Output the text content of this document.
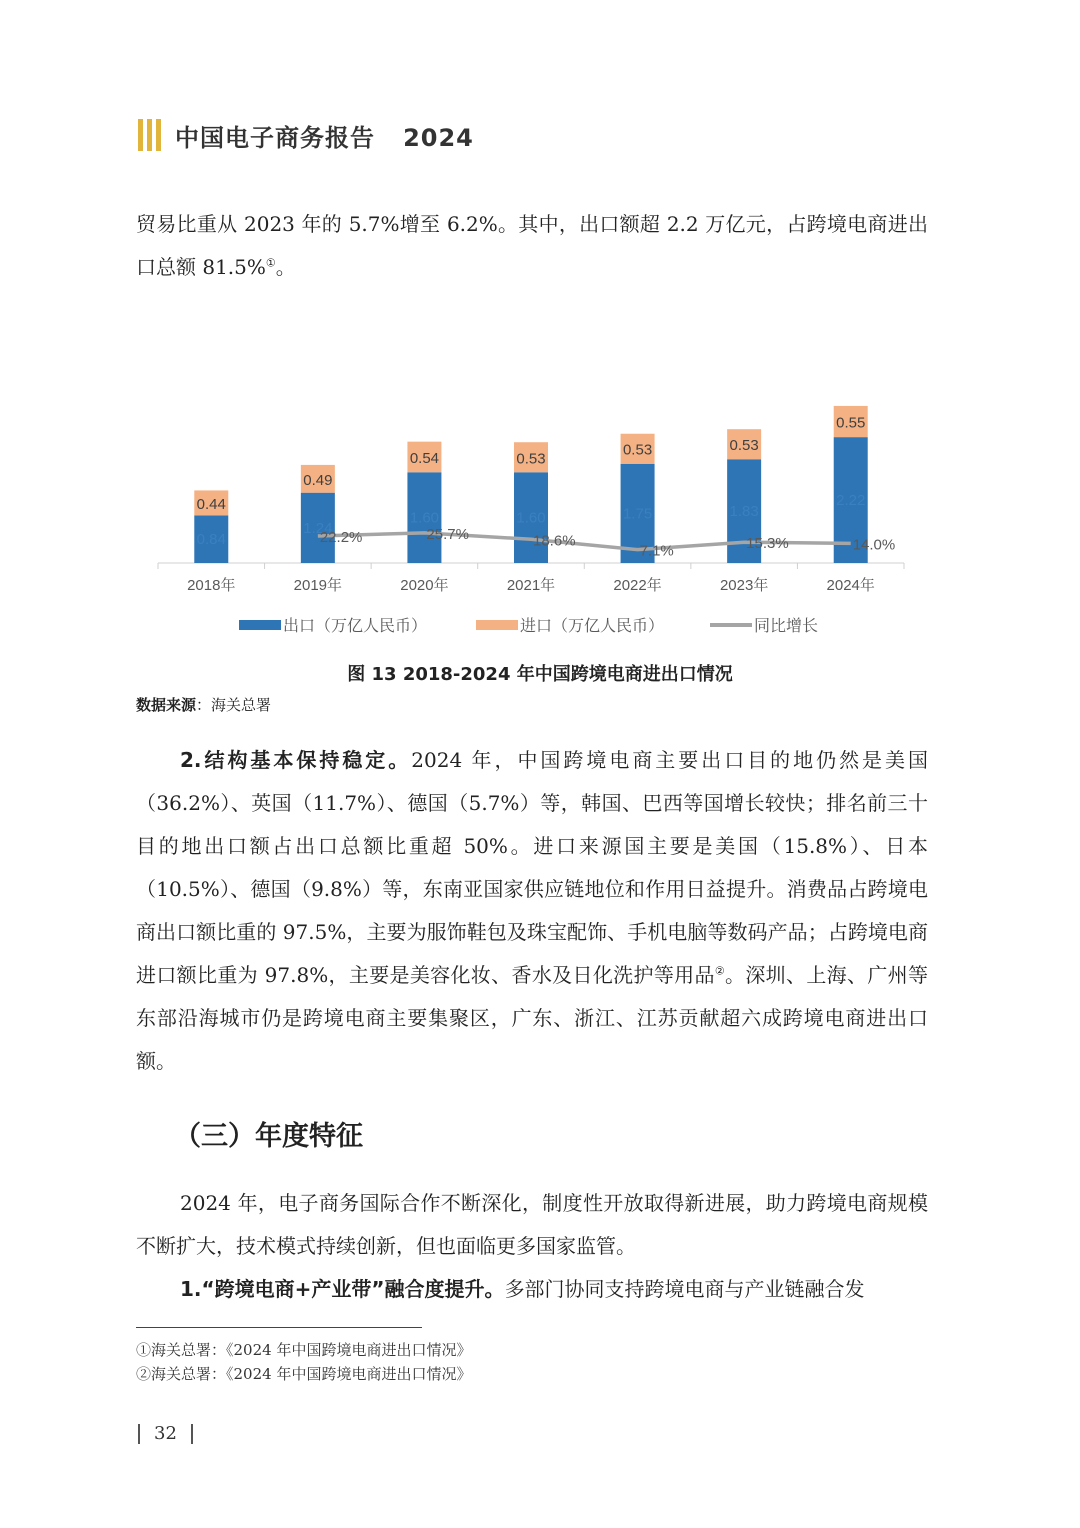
中国电子商务报告 2024

贸易比重从 2023 年的 5.7%增至 6.2%。其中，出口额超 2.2 万亿元，占跨境电商进出口总额 81.5%①。

0.44
0.84
2018年
0.49
1.24
2019年
0.54
1.60
2020年
0.53
1.60
2021年
0.53
1.75
2022年
0.53
1.83
2023年
0.55
2.22
2024年
22.2%	25.7%	18.6%
7.1%	15.3%	14.0%
出口（万亿人民币）	进口（万亿人民币）	同比增长
图 13 2018-2024 年中国跨境电商进出口情况
数据来源：海关总署

2.结构基本保持稳定。2024 年，中国跨境电商主要出口目的地仍然是美国（36.2%）、英国（11.7%）、德国（5.7%）等，韩国、巴西等国增长较快；排名前三十目的地出口额占出口总额比重超 50%。进口来源国主要是美国（15.8%）、日本（10.5%）、德国（9.8%）等，东南亚国家供应链地位和作用日益提升。消费品占跨境电商出口额比重的 97.5%，主要为服饰鞋包及珠宝配饰、手机电脑等数码产品；占跨境电商进口额比重为 97.8%，主要是美容化妆、香水及日化洗护等用品②。深圳、上海、广州等东部沿海城市仍是跨境电商主要集聚区，广东、浙江、江苏贡献超六成跨境电商进出口额。

（三）年度特征

2024 年，电子商务国际合作不断深化，制度性开放取得新进展，助力跨境电商规模不断扩大，技术模式持续创新，但也面临更多国家监管。

1.“跨境电商+产业带”融合度提升。多部门协同支持跨境电商与产业链融合发

①海关总署：《2024 年中国跨境电商进出口情况》
②海关总署：《2024 年中国跨境电商进出口情况》
32
